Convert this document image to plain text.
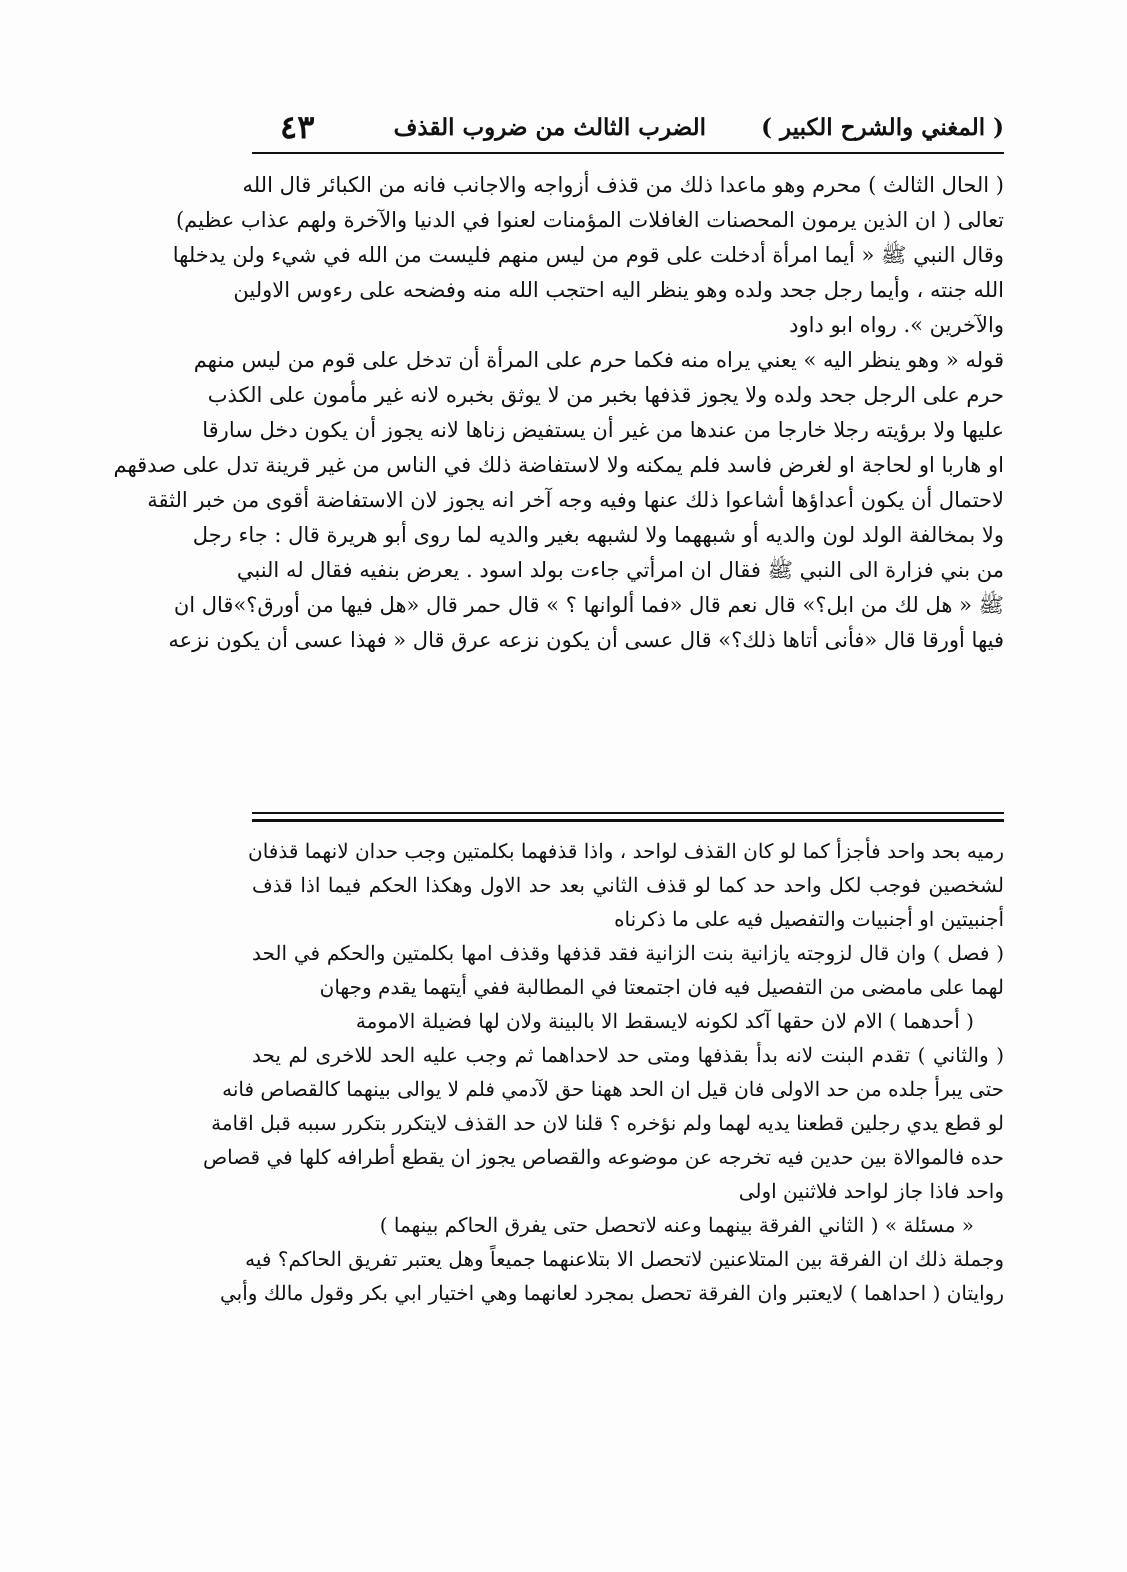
( المغني والشرح الكبير )
الضرب الثالث من ضروب القذف
٤٣
( الحال الثالث ) محرم وهو ماعدا ذلك من قذف أزواجه والاجانب فانه من الكبائر قال الله
تعالى ( ان الذين يرمون المحصنات الغافلات المؤمنات لعنوا في الدنيا والآخرة ولهم عذاب عظيم)
وقال النبي ﷺ « أيما امرأة أدخلت على قوم من ليس منهم فليست من الله في شيء ولن يدخلها
الله جنته ، وأيما رجل جحد ولده وهو ينظر اليه احتجب الله منه وفضحه على رءوس الاولين
والآخرين ». رواه ابو داود
قوله « وهو ينظر اليه » يعني يراه منه فكما حرم على المرأة أن تدخل على قوم من ليس منهم
حرم على الرجل جحد ولده ولا يجوز قذفها بخبر من لا يوثق بخبره لانه غير مأمون على الكذب
عليها ولا برؤيته رجلا خارجا من عندها من غير أن يستفيض زناها لانه يجوز أن يكون دخل سارقا
او هاربا او لحاجة او لغرض فاسد فلم يمكنه ولا لاستفاضة ذلك في الناس من غير قرينة تدل على صدقهم
لاحتمال أن يكون أعداؤها أشاعوا ذلك عنها وفيه وجه آخر انه يجوز لان الاستفاضة أقوى من خبر الثقة
ولا بمخالفة الولد لون والديه أو شبههما ولا لشبهه بغير والديه لما روى أبو هريرة قال : جاء رجل
من بني فزارة الى النبي ﷺ فقال ان امرأتي جاءت بولد اسود . يعرض بنفيه فقال له النبي
ﷺ « هل لك من ابل؟» قال نعم قال «فما ألوانها ؟ » قال حمر قال «هل فيها من أورق؟»قال ان
فيها أورقا قال «فأنى أتاها ذلك؟» قال عسى أن يكون نزعه عرق قال « فهذا عسى أن يكون نزعه
رميه بحد واحد فأجزأ كما لو كان القذف لواحد ، واذا قذفهما بكلمتين وجب حدان لانهما قذفان
لشخصين فوجب لكل واحد حد كما لو قذف الثاني بعد حد الاول وهكذا الحكم فيما اذا قذف
أجنبيتين او أجنبيات والتفصيل فيه على ما ذكرناه
( فصل ) وان قال لزوجته يازانية بنت الزانية فقد قذفها وقذف امها بكلمتين والحكم في الحد
لهما على مامضى من التفصيل فيه فان اجتمعتا في المطالبة ففي أيتهما يقدم وجهان
( أحدهما ) الام لان حقها آكد لكونه لايسقط الا بالبينة ولان لها فضيلة الامومة
( والثاني ) تقدم البنت لانه بدأ بقذفها ومتى حد لاحداهما ثم وجب عليه الحد للاخرى لم يحد
حتى يبرأ جلده من حد الاولى فان قيل ان الحد ههنا حق لآدمي فلم لا يوالى بينهما كالقصاص فانه
لو قطع يدي رجلين قطعنا يديه لهما ولم نؤخره ؟ قلنا لان حد القذف لايتكرر بتكرر سببه قبل اقامة
حده فالموالاة بين حدين فيه تخرجه عن موضوعه والقصاص يجوز ان يقطع أطرافه كلها في قصاص
واحد فاذا جاز لواحد فلاثنين اولى
« مسئلة » ( الثاني الفرقة بينهما وعنه لاتحصل حتى يفرق الحاكم بينهما )
وجملة ذلك ان الفرقة بين المتلاعنين لاتحصل الا بتلاعنهما جميعاً وهل يعتبر تفريق الحاكم؟ فيه
روايتان ( احداهما ) لايعتبر وان الفرقة تحصل بمجرد لعانهما وهي اختيار ابي بكر وقول مالك وأبي
